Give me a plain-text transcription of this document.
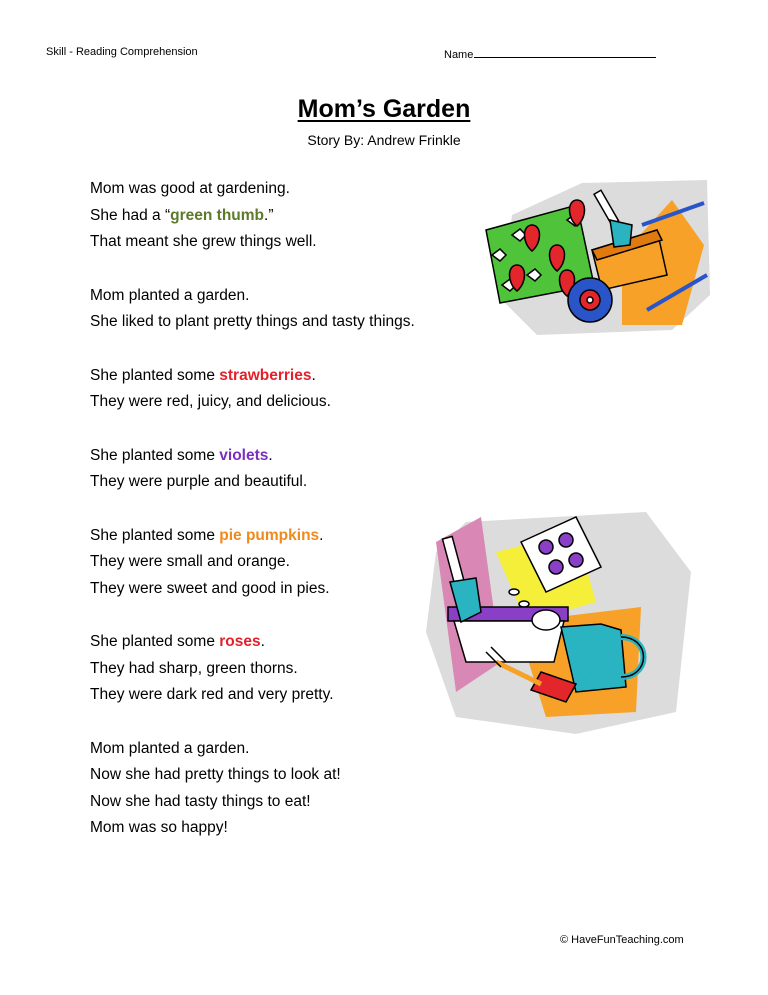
Skill - Reading Comprehension	Name
Mom’s Garden
Story By: Andrew Frinkle

Mom was good at gardening.
She had a “green thumb.”
That meant she grew things well.

Mom planted a garden.
She liked to plant pretty things and tasty things.

She planted some strawberries.
They were red, juicy, and delicious.

She planted some violets.
They were purple and beautiful.

She planted some pie pumpkins.
They were small and orange.
They were sweet and good in pies.

She planted some roses.
They had sharp, green thorns.
They were dark red and very pretty.

Mom planted a garden.
Now she had pretty things to look at!
Now she had tasty things to eat!
Mom was so happy!

© HaveFunTeaching.com
